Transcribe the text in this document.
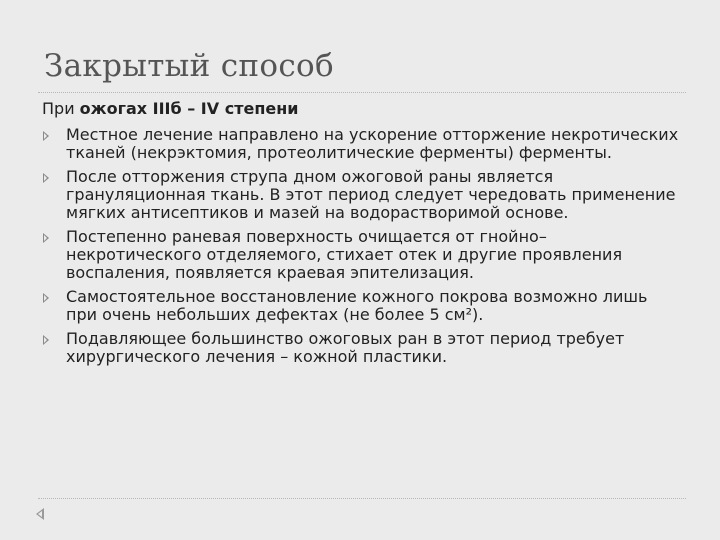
Закрытый способ
При ожогах IIIб – IV степени
Местное лечение направлено на ускорение отторжение некротических тканей (некрэктомия, протеолитические ферменты) ферменты.
После отторжения струпа дном ожоговой раны является грануляционная ткань. В этот период следует чередовать применение мягких антисептиков и мазей на водорастворимой основе.
Постепенно раневая поверхность очищается от гнойно–некротического отделяемого, стихает отек и другие проявления воспаления, появляется краевая эпителизация.
Самостоятельное восстановление кожного покрова возможно лишь при очень небольших дефектах (не более 5 см²).
Подавляющее большинство ожоговых ран в этот период требует хирургического лечения – кожной пластики.
